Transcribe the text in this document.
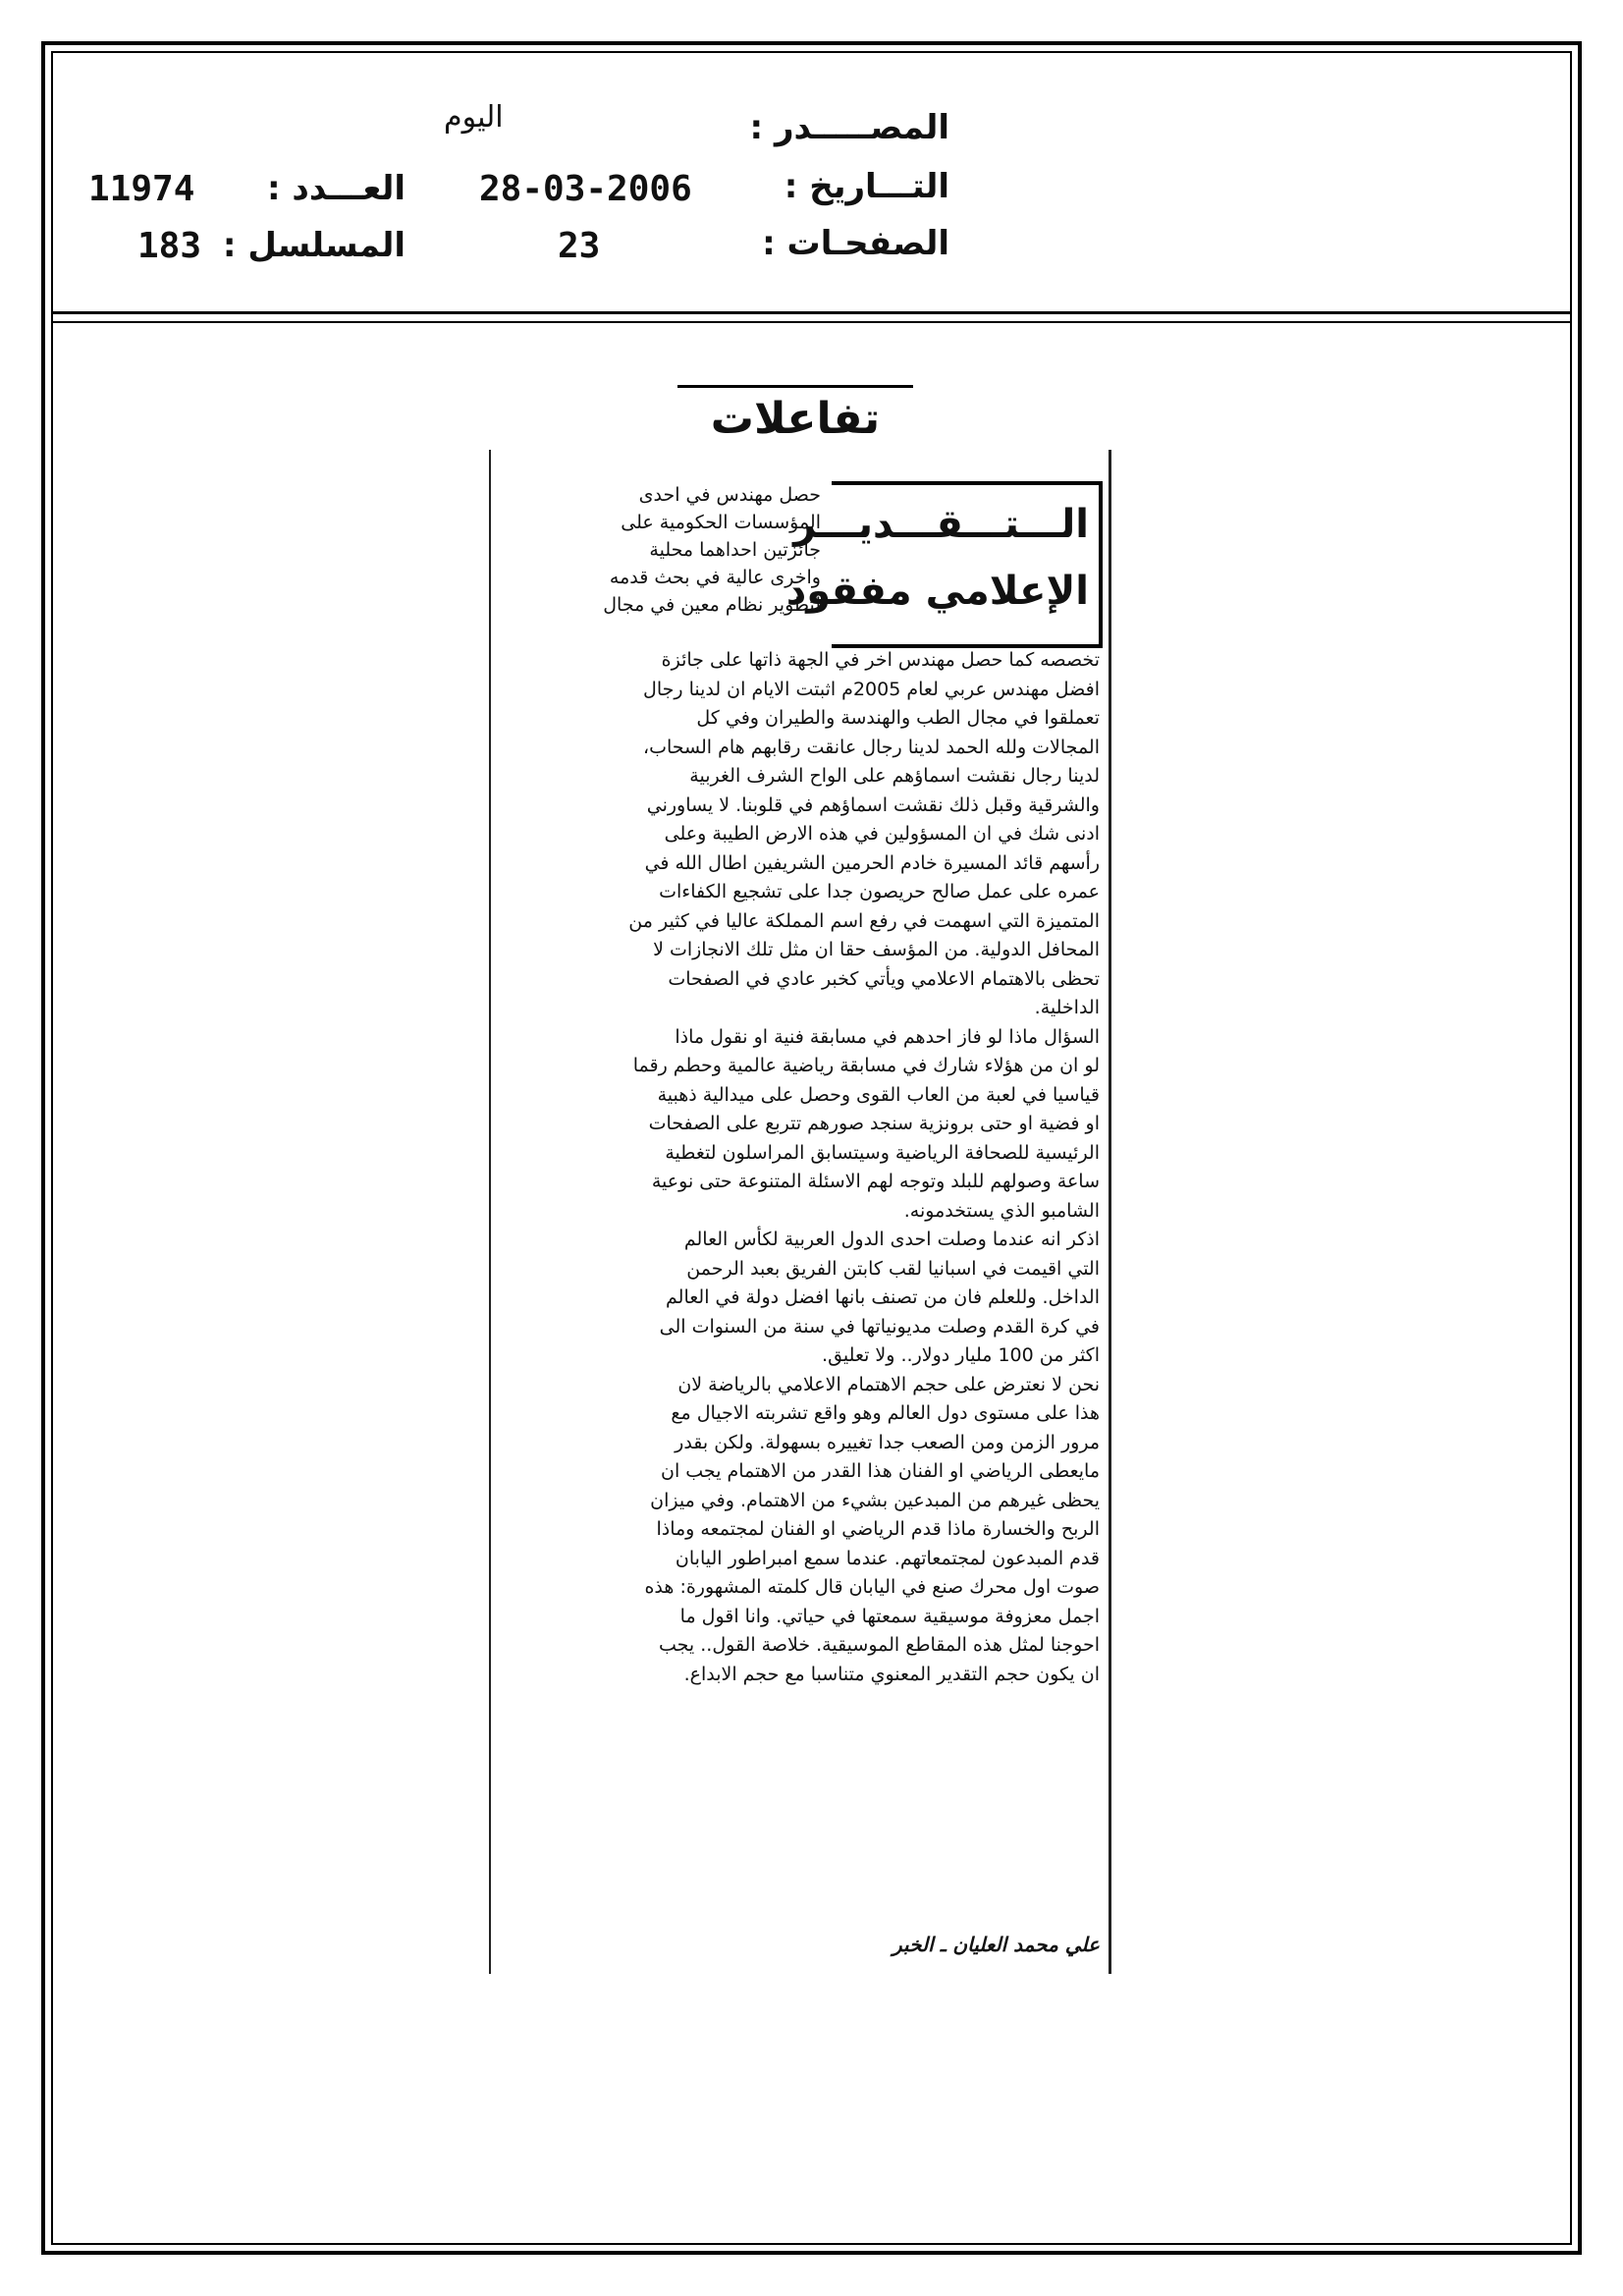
المصـــــدر :
اليوم
التـــاريخ :
28-03-2006
العـــدد :
11974
الصفحـات :
23
المسلسل :
183
تفاعلات
الـــتـــقـــديـــر
الإعلامي مفقود
حصل مهندس في احدى
المؤسسات الحكومية على
جائزتين احداهما محلية
واخرى عالية في بحث قدمه
لتطوير نظام معين في مجال
تخصصه كما حصل مهندس اخر في الجهة ذاتها على جائزة
افضل مهندس عربي لعام 2005م اثبتت الايام ان لدينا رجال
تعملقوا في مجال الطب والهندسة والطيران وفي كل
المجالات ولله الحمد لدينا رجال عانقت رقابهم هام السحاب،
لدينا رجال نقشت اسماؤهم على الواح الشرف الغربية
والشرقية وقبل ذلك نقشت اسماؤهم في قلوبنا. لا يساورني
ادنى شك في ان المسؤولين في هذه الارض الطيبة وعلى
رأسهم قائد المسيرة خادم الحرمين الشريفين اطال الله في
عمره على عمل صالح حريصون جدا على تشجيع الكفاءات
المتميزة التي اسهمت في رفع اسم المملكة عاليا في كثير من
المحافل الدولية. من المؤسف حقا ان مثل تلك الانجازات لا
تحظى بالاهتمام الاعلامي ويأتي كخبر عادي في الصفحات
الداخلية.
السؤال ماذا لو فاز احدهم في مسابقة فنية او نقول ماذا
لو ان من هؤلاء شارك في مسابقة رياضية عالمية وحطم رقما
قياسيا في لعبة من العاب القوى وحصل على ميدالية ذهبية
او فضية او حتى برونزية سنجد صورهم تتربع على الصفحات
الرئيسية للصحافة الرياضية وسيتسابق المراسلون لتغطية
ساعة وصولهم للبلد وتوجه لهم الاسئلة المتنوعة حتى نوعية
الشامبو الذي يستخدمونه.
اذكر انه عندما وصلت احدى الدول العربية لكأس العالم
التي اقيمت في اسبانيا لقب كابتن الفريق بعبد الرحمن
الداخل. وللعلم فان من تصنف بانها افضل دولة في العالم
في كرة القدم وصلت مديونياتها في سنة من السنوات الى
اكثر من 100 مليار دولار.. ولا تعليق.
نحن لا نعترض على حجم الاهتمام الاعلامي بالرياضة لان
هذا على مستوى دول العالم وهو واقع تشربته الاجيال مع
مرور الزمن ومن الصعب جدا تغييره بسهولة. ولكن بقدر
مايعطى الرياضي او الفنان هذا القدر من الاهتمام يجب ان
يحظى غيرهم من المبدعين بشيء من الاهتمام. وفي ميزان
الربح والخسارة ماذا قدم الرياضي او الفنان لمجتمعه وماذا
قدم المبدعون لمجتمعاتهم. عندما سمع امبراطور اليابان
صوت اول محرك صنع في اليابان قال كلمته المشهورة: هذه
اجمل معزوفة موسيقية سمعتها في حياتي. وانا اقول ما
احوجنا لمثل هذه المقاطع الموسيقية. خلاصة القول.. يجب
ان يكون حجم التقدير المعنوي متناسبا مع حجم الابداع.
علي محمد العليان ـ الخبر
